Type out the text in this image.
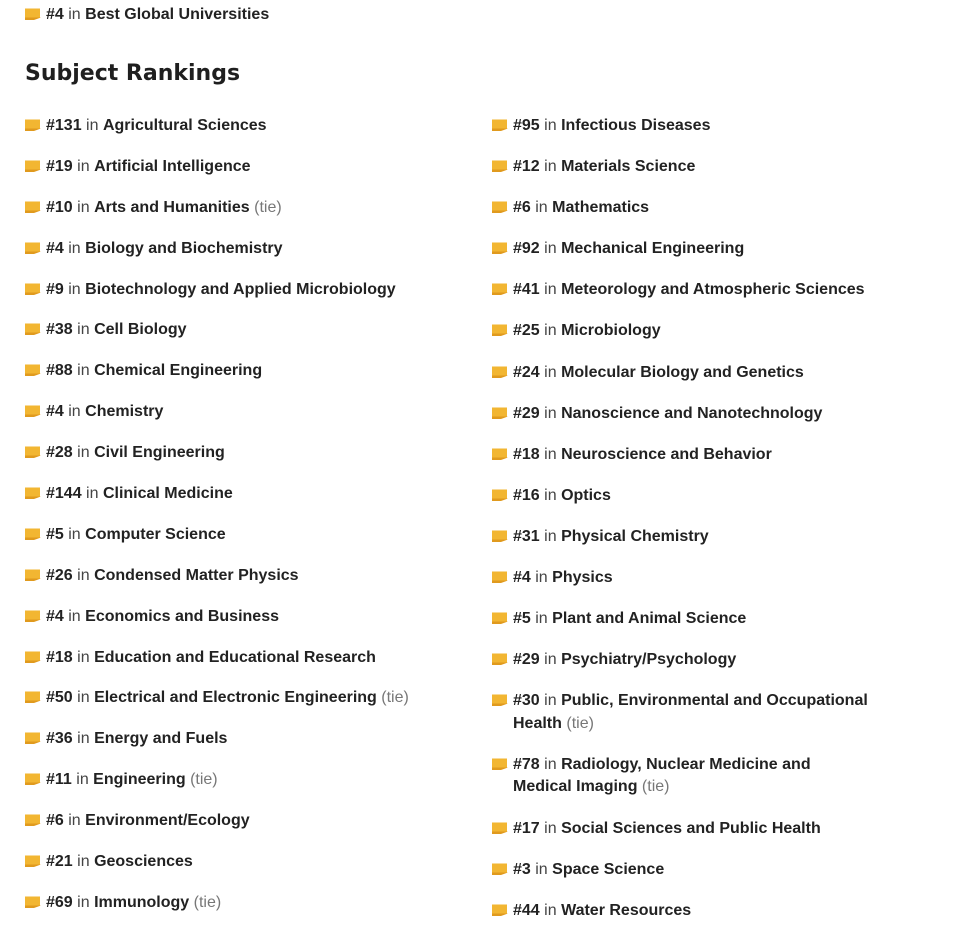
#4 in Best Global Universities
Subject Rankings
#131 in Agricultural Sciences
#19 in Artificial Intelligence
#10 in Arts and Humanities (tie)
#4 in Biology and Biochemistry
#9 in Biotechnology and Applied Microbiology
#38 in Cell Biology
#88 in Chemical Engineering
#4 in Chemistry
#28 in Civil Engineering
#144 in Clinical Medicine
#5 in Computer Science
#26 in Condensed Matter Physics
#4 in Economics and Business
#18 in Education and Educational Research
#50 in Electrical and Electronic Engineering (tie)
#36 in Energy and Fuels
#11 in Engineering (tie)
#6 in Environment/Ecology
#21 in Geosciences
#69 in Immunology (tie)
#95 in Infectious Diseases
#12 in Materials Science
#6 in Mathematics
#92 in Mechanical Engineering
#41 in Meteorology and Atmospheric Sciences
#25 in Microbiology
#24 in Molecular Biology and Genetics
#29 in Nanoscience and Nanotechnology
#18 in Neuroscience and Behavior
#16 in Optics
#31 in Physical Chemistry
#4 in Physics
#5 in Plant and Animal Science
#29 in Psychiatry/Psychology
#30 in Public, Environmental and Occupational Health (tie)
#78 in Radiology, Nuclear Medicine and Medical Imaging (tie)
#17 in Social Sciences and Public Health
#3 in Space Science
#44 in Water Resources
